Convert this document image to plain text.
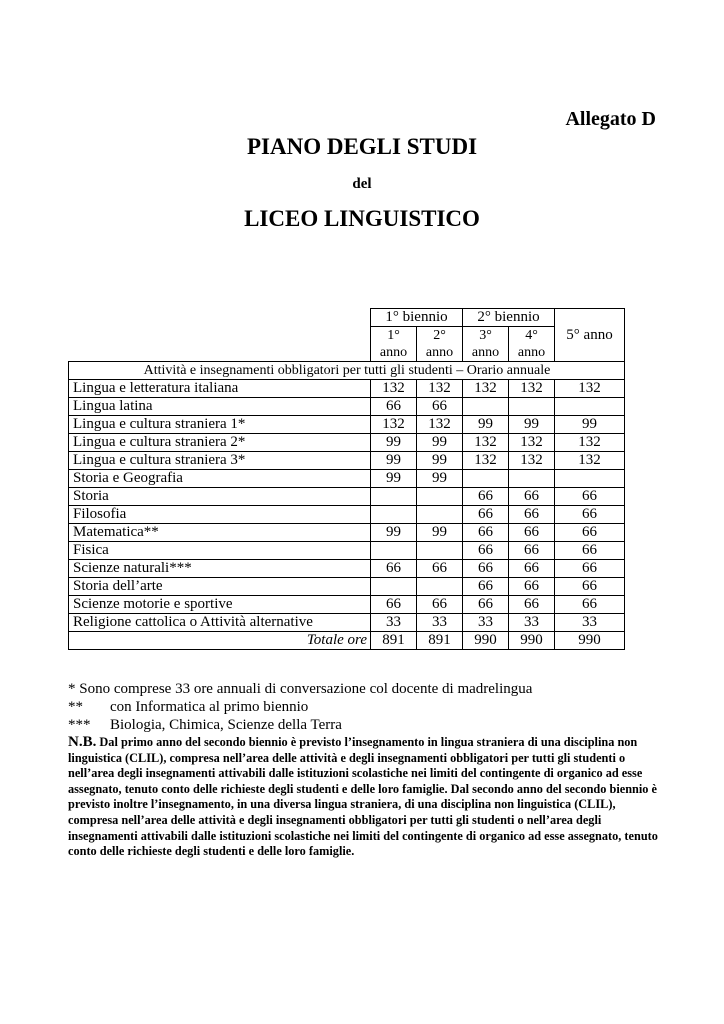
Allegato D
PIANO DEGLI STUDI
del
LICEO LINGUISTICO
	1° biennio		2° biennio		5° anno
	1°
anno	2°
anno	3°
anno	4°
anno	
Attività e insegnamenti obbligatori per tutti gli studenti – Orario annuale					
Lingua e letteratura italiana	132	132	132	132	132
Lingua latina	66	66			
Lingua e cultura straniera 1*	132	132	99	99	99
Lingua e cultura straniera 2*	99	99	132	132	132
Lingua e cultura straniera 3*	99	99	132	132	132
Storia e Geografia	99	99			
Storia			66	66	66
Filosofia			66	66	66
Matematica**	99	99	66	66	66
Fisica			66	66	66
Scienze naturali***	66	66	66	66	66
Storia dell’arte			66	66	66
Scienze motorie e sportive	66	66	66	66	66
Religione cattolica o Attività alternative	33	33	33	33	33
Totale ore	891	891	990	990	990
* Sono comprese 33 ore annuali di conversazione col docente di madrelingua
**	con Informatica al primo biennio
***	Biologia, Chimica, Scienze della Terra
N.B. Dal primo anno del secondo biennio è previsto l’insegnamento in lingua straniera di una disciplina non linguistica (CLIL), compresa nell’area delle attività e degli insegnamenti obbligatori per tutti gli studenti o nell’area degli insegnamenti attivabili dalle istituzioni scolastiche nei limiti del contingente di organico ad esse assegnato, tenuto conto delle richieste degli studenti e delle loro famiglie. Dal secondo anno del secondo biennio è previsto inoltre l’insegnamento, in una diversa lingua straniera, di una disciplina non linguistica (CLIL), compresa nell’area delle attività e degli insegnamenti obbligatori per tutti gli studenti o nell’area degli insegnamenti attivabili dalle istituzioni scolastiche nei limiti del contingente di organico ad esse assegnato, tenuto conto delle richieste degli studenti e delle loro famiglie.
